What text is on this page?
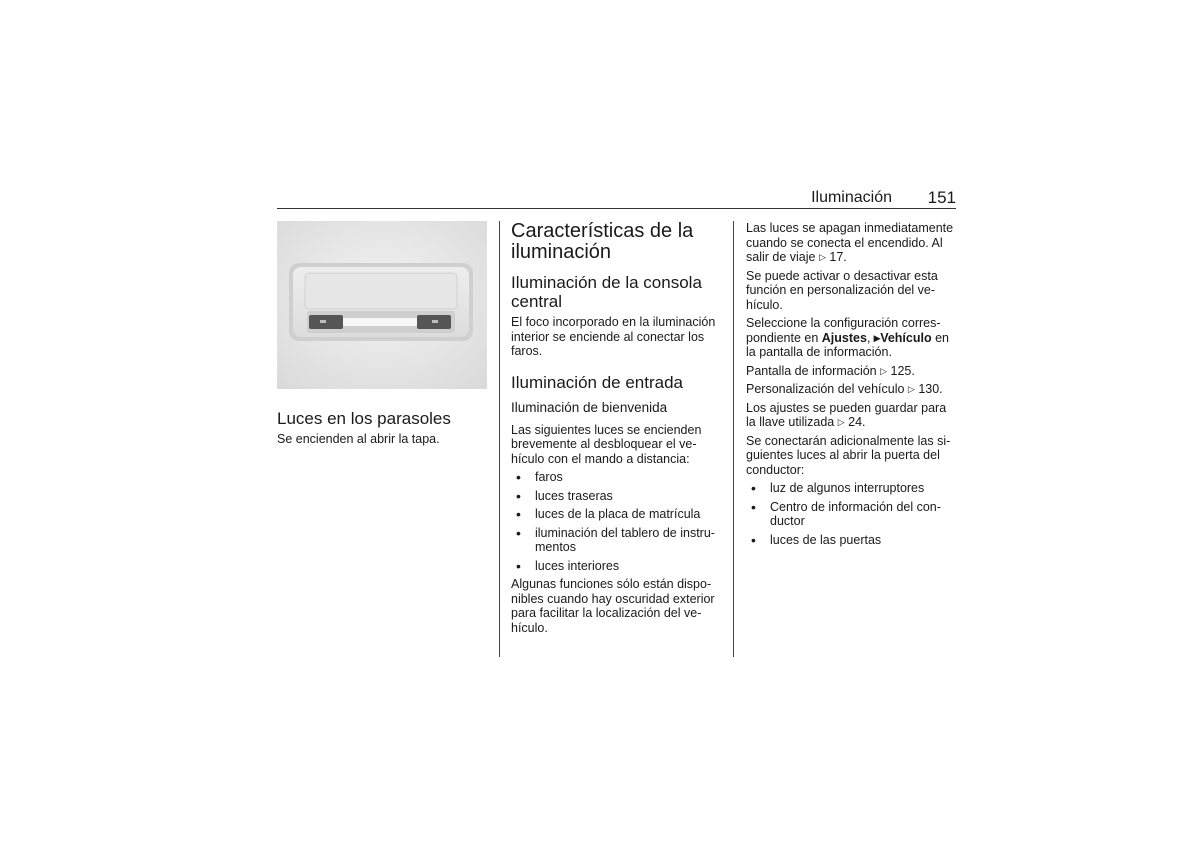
Iluminación 151
Luces en los parasoles

Se encienden al abrir la tapa.

Características de la
iluminación
Iluminación de la consola
central

El foco incorporado en la iluminación
interior se enciende al conectar los
faros.

Iluminación de entrada
Iluminación de bienvenida

Las siguientes luces se encienden
brevemente al desbloquear el ve‐
hículo con el mando a distancia:

• faros
• luces traseras
• luces de la placa de matrícula
• iluminación del tablero de instru‐
mentos
• luces interiores

Algunas funciones sólo están dispo‐
nibles cuando hay oscuridad exterior
para facilitar la localización del ve‐
hículo.

Las luces se apagan inmediatamente
cuando se conecta el encendido. Al
salir de viaje ▷ 17.

Se puede activar o desactivar esta
función en personalización del ve‐
hículo.

Seleccione la configuración corres‐
pondiente en Ajustes, ▸Vehículo en
la pantalla de información.

Pantalla de información ▷ 125.

Personalización del vehículo ▷ 130.

Los ajustes se pueden guardar para
la llave utilizada ▷ 24.

Se conectarán adicionalmente las si‐
guientes luces al abrir la puerta del
conductor:

• luz de algunos interruptores
• Centro de información del con‐
ductor
• luces de las puertas
